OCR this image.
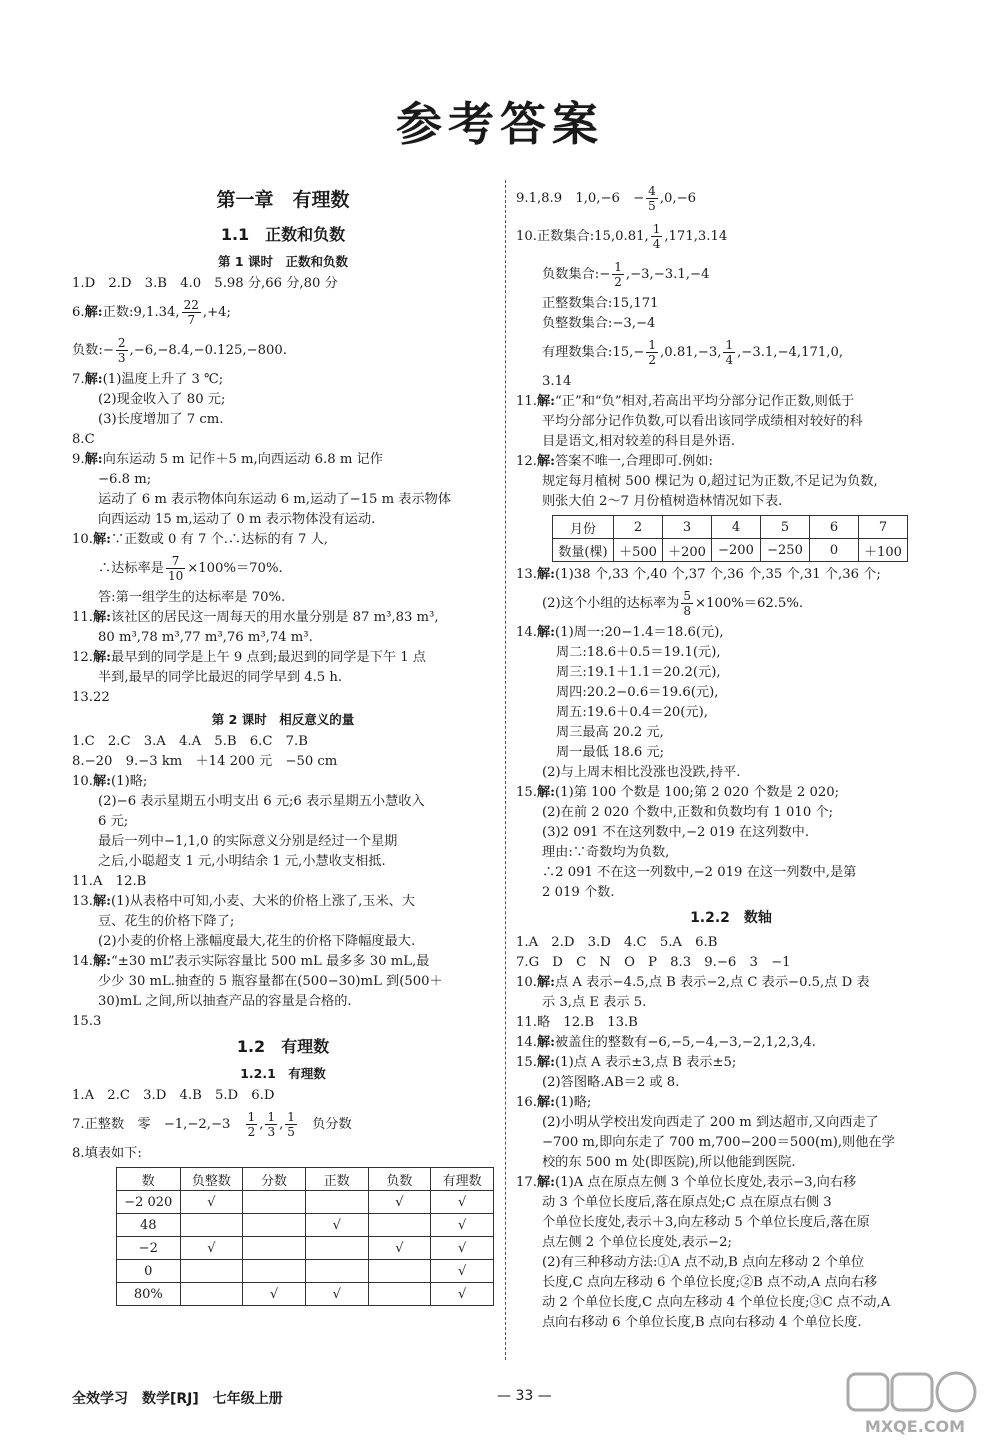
参考答案
第一章　有理数
1.1　正数和负数
第 1 课时　正数和负数
1.D　2.D　3.B　4.0　5.98 分,66 分,80 分
6.解:正数:9,1.34, $\frac{22}{7} ,+4$;
负数:− $\frac{2}{3} ,-6,-8.4,-0.125,-800$.
7.解:(1)温度上升了 3 ℃;
(2)现金收入了 80 元;
(3)长度增加了 7 cm.
8.C
9.解:向东运动 5 m 记作＋5 m,向西运动 6.8 m 记作
−6.8 m;
运动了 6 m 表示物体向东运动 6 m,运动了−15 m 表示物体
向西运动 15 m,运动了 0 m 表示物体没有运动.
10.解:∵正数或 0 有 7 个.∴达标的有 7 人,
∴达标率是 $\frac{7}{10} \times 100\%=70\%$.
答:第一组学生的达标率是 70%.
11.解:该社区的居民这一周每天的用水量分别是 87 m³,83 m³,
80 m³,78 m³,77 m³,76 m³,74 m³.
12.解:最早到的同学是上午 9 点到;最迟到的同学是下午 1 点
半到,最早的同学比最迟的同学早到 4.5 h.
13.22
第 2 课时　相反意义的量
1.C　2.C　3.A　4.A　5.B　6.C　7.B
8.−20　9.−3 km　＋14 200 元　−50 cm
10.解:(1)略;
(2)−6 表示星期五小明支出 6 元;6 表示星期五小慧收入
6 元;
最后一列中−1,1,0 的实际意义分别是经过一个星期
之后,小聪超支 1 元,小明结余 1 元,小慧收支相抵.
11.A　12.B
13.解:(1)从表格中可知,小麦、大米的价格上涨了,玉米、大
豆、花生的价格下降了;
(2)小麦的价格上涨幅度最大,花生的价格下降幅度最大.
14.解:“±30 mL”表示实际容量比 500 mL 最多多 30 mL,最
少少 30 mL.抽查的 5 瓶容量都在(500−30)mL 到(500＋
30)mL 之间,所以抽查产品的容量是合格的.
15.3
1.2　有理数
1.2.1　有理数
1.A　2.C　3.D　4.B　5.D　6.D
7.正整数　零　−1,−2,−3　 $\frac{1}{2}$ , $\frac{1}{3}$ , $\frac{1}{5}$
　 负分数
8.填表如下:
数	负整数	分数	正数	负数	有理数
−2 020	√			√	√
48			√		√
−2	√			√	√
0					√
80%		√	√		√
9.1,8.9　1,0,−6　− $\frac{4}{5} ,0,-6$
10.正数集合:15,0.81, $\frac{1}{4} ,171,3.14$
负数集合:− $\frac{1}{2} ,-3,-3.1,-4$
正整数集合:15,171
负整数集合:−3,−4
有理数集合:15,− $\frac{1}{2} ,0.81,-3$, $\frac{1}{4} ,-3.1,-4,171,0$,
3.14
11.解:“正”和“负”相对,若高出平均分部分记作正数,则低于
平均分部分记作负数,可以看出该同学成绩相对较好的科
目是语文,相对较差的科目是外语.
12.解:答案不唯一,合理即可.例如:
规定每月植树 500 棵记为 0,超过记为正数,不足记为负数,
则张大伯 2～7 月份植树造林情况如下表.
月份	2	3	4	5	6	7
数量(棵)	＋500	＋200	−200	−250	0	＋100
13.解:(1)38 个,33 个,40 个,37 个,36 个,35 个,31 个,36 个;
(2)这个小组的达标率为 $\frac{5}{8} \times 100\%=62.5\%$.
14.解:(1)周一:20−1.4＝18.6(元),
周二:18.6＋0.5＝19.1(元),
周三:19.1＋1.1＝20.2(元),
周四:20.2−0.6＝19.6(元),
周五:19.6＋0.4＝20(元),
周三最高 20.2 元,
周一最低 18.6 元;
(2)与上周末相比没涨也没跌,持平.
15.解:(1)第 100 个数是 100;第 2 020 个数是 2 020;
(2)在前 2 020 个数中,正数和负数均有 1 010 个;
(3)2 091 不在这列数中,−2 019 在这列数中.
理由:∵奇数均为负数,
∴2 091 不在这一列数中,−2 019 在这一列数中,是第
2 019 个数.
1.2.2　数轴
1.A　2.D　3.D　4.C　5.A　6.B
7.G　D　C　N　O　P　8.3　9.−6　3　−1
10.解:点 A 表示−4.5,点 B 表示−2,点 C 表示−0.5,点 D 表
示 3,点 E 表示 5.
11.略　12.B　13.B
14.解:被盖住的整数有−6,−5,−4,−3,−2,1,2,3,4.
15.解:(1)点 A 表示±3,点 B 表示±5;
(2)答图略.AB＝2 或 8.
16.解:(1)略;
(2)小明从学校出发向西走了 200 m 到达超市,又向西走了
−700 m,即向东走了 700 m,700−200＝500(m),则他在学
校的东 500 m 处(即医院),所以他能到医院.
17.解:(1)A 点在原点左侧 3 个单位长度处,表示−3,向右移
动 3 个单位长度后,落在原点处;C 点在原点右侧 3
个单位长度处,表示＋3,向左移动 5 个单位长度后,落在原
点左侧 2 个单位长度处,表示−2;
(2)有三种移动方法:①A 点不动,B 点向左移动 2 个单位
长度,C 点向左移动 6 个单位长度;②B 点不动,A 点向右移
动 2 个单位长度,C 点向左移动 4 个单位长度;③C 点不动,A
点向右移动 6 个单位长度,B 点向右移动 4 个单位长度.
全效学习　数学[RJ]　七年级上册	— 33 —
MXQE.COM
